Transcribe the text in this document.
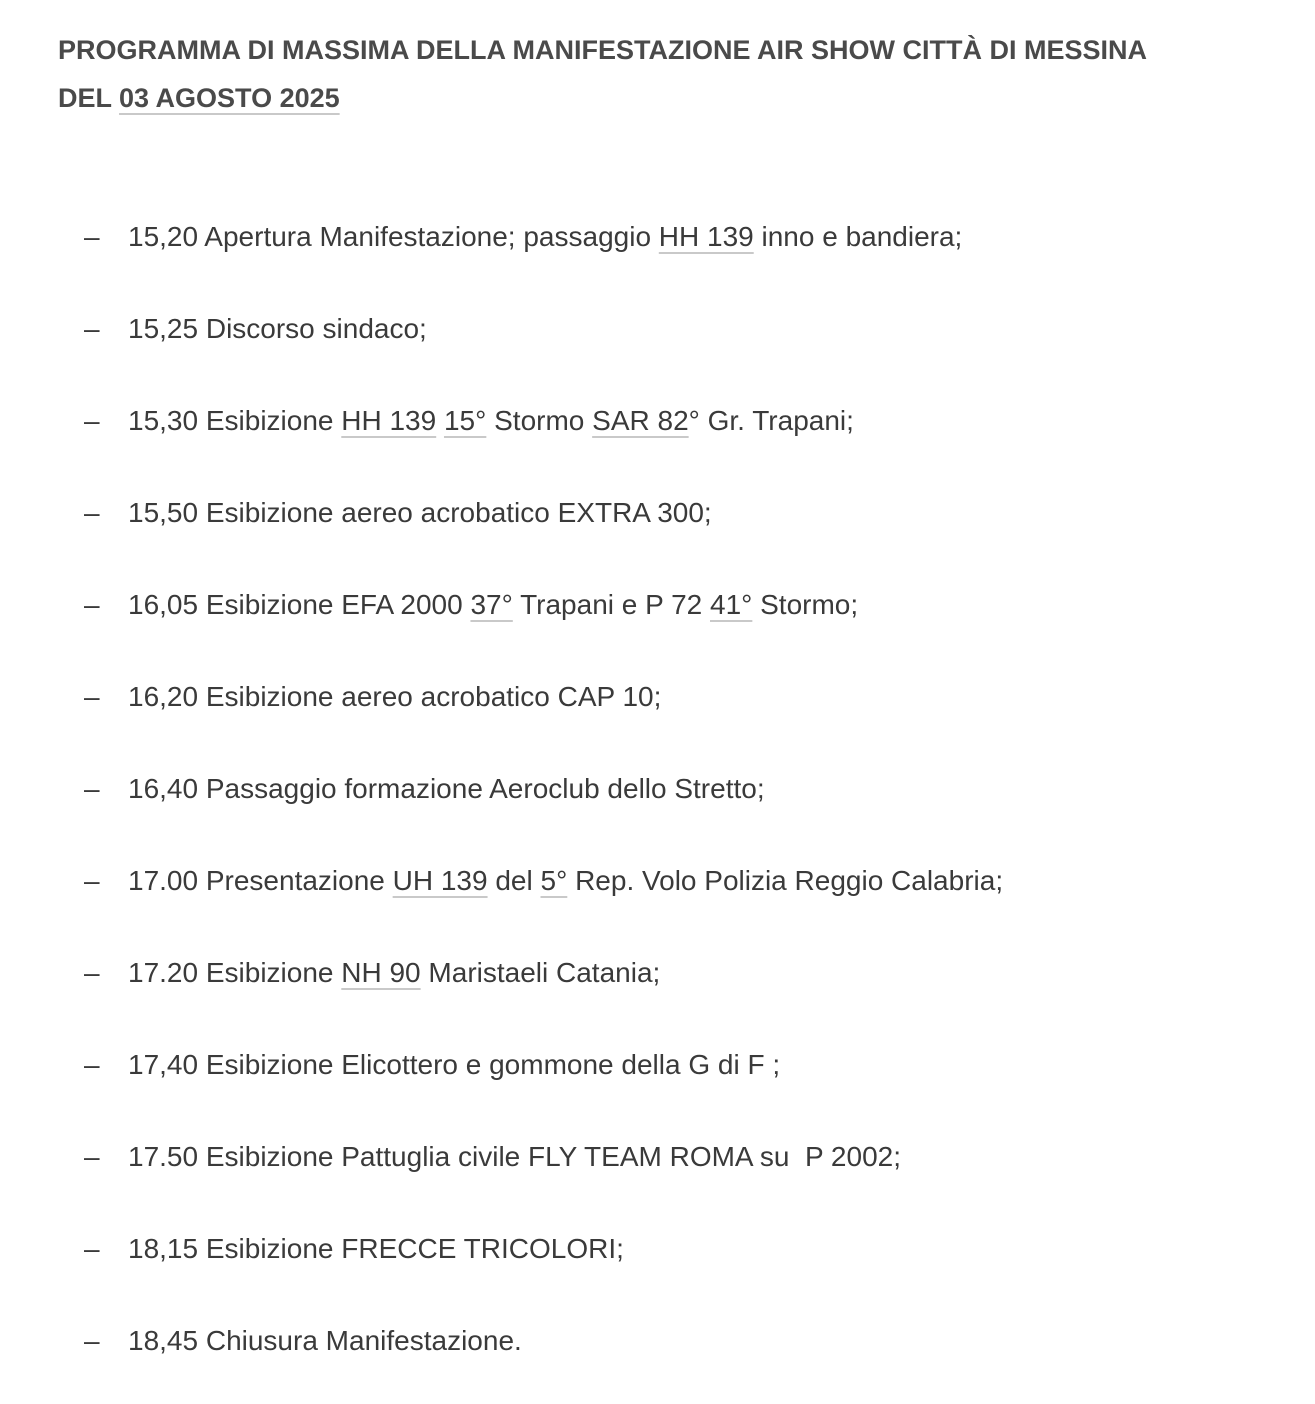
PROGRAMMA DI MASSIMA DELLA MANIFESTAZIONE AIR SHOW CITTÀ DI MESSINA
DEL 03 AGOSTO 2025
– 15,20 Apertura Manifestazione; passaggio HH 139 inno e bandiera;
– 15,25 Discorso sindaco;
– 15,30 Esibizione HH 139 15° Stormo SAR 82° Gr. Trapani;
– 15,50 Esibizione aereo acrobatico EXTRA 300;
– 16,05 Esibizione EFA 2000 37° Trapani e P 72 41° Stormo;
– 16,20 Esibizione aereo acrobatico CAP 10;
– 16,40 Passaggio formazione Aeroclub dello Stretto;
– 17.00 Presentazione UH 139 del 5° Rep. Volo Polizia Reggio Calabria;
– 17.20 Esibizione NH 90 Maristaeli Catania;
– 17,40 Esibizione Elicottero e gommone della G di F ;
– 17.50 Esibizione Pattuglia civile FLY TEAM ROMA su  P 2002;
– 18,15 Esibizione FRECCE TRICOLORI;
– 18,45 Chiusura Manifestazione.
